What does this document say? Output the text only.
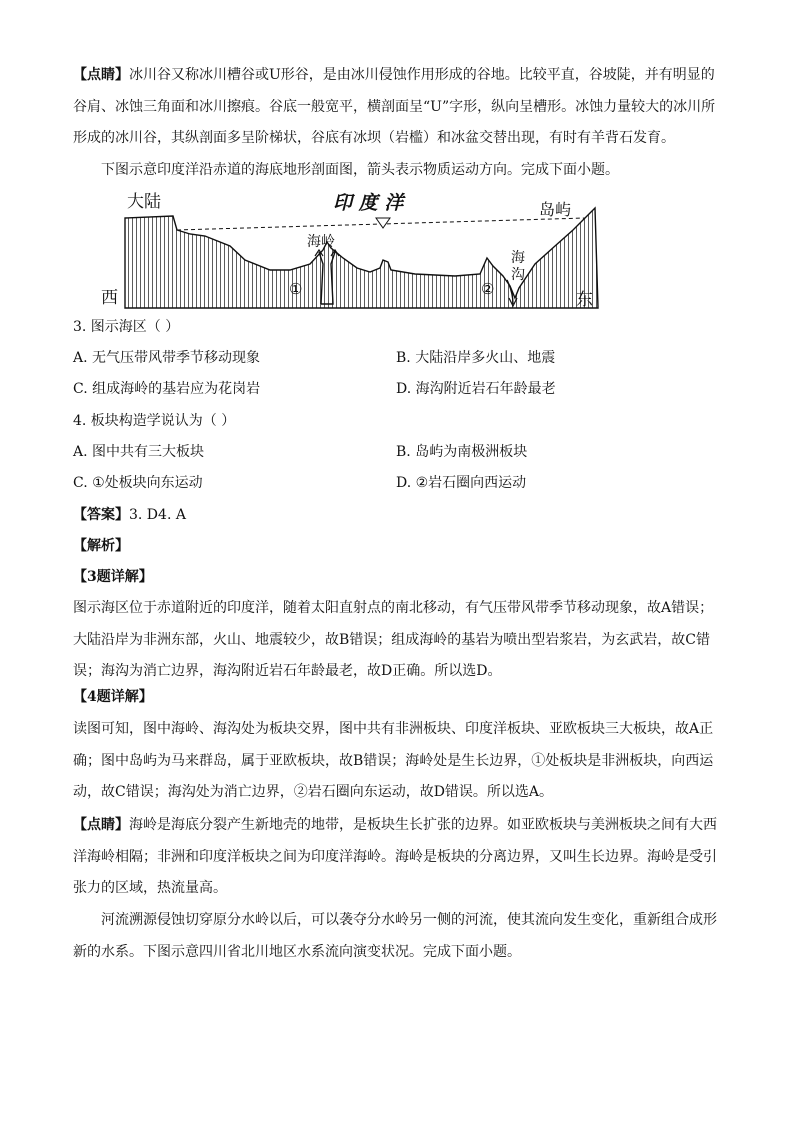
【点睛】冰川谷又称冰川槽谷或U形谷，是由冰川侵蚀作用形成的谷地。比较平直，谷坡陡，并有明显的谷肩、冰蚀三角面和冰川擦痕。谷底一般宽平，横剖面呈“U”字形，纵向呈槽形。冰蚀力量较大的冰川所形成的冰川谷，其纵剖面多呈阶梯状，谷底有冰坝（岩槛）和冰盆交替出现，有时有羊背石发育。

下图示意印度洋沿赤道的海底地形剖面图，箭头表示物质运动方向。完成下面小题。

大陆	印 度 洋	岛屿
海岭
海
沟
①	②
西	东

3. 图示海区（ ）

A. 无气压带风带季节移动现象	B. 大陆沿岸多火山、地震

C. 组成海岭的基岩应为花岗岩	D. 海沟附近岩石年龄最老

4. 板块构造学说认为（ ）

A. 图中共有三大板块	B. 岛屿为南极洲板块

C. ①处板块向东运动	D. ②岩石圈向西运动

【答案】3. D4. A

【解析】

【3题详解】

图示海区位于赤道附近的印度洋，随着太阳直射点的南北移动，有气压带风带季节移动现象，故A错误；大陆沿岸为非洲东部，火山、地震较少，故B错误；组成海岭的基岩为喷出型岩浆岩，为玄武岩，故C错误；海沟为消亡边界，海沟附近岩石年龄最老，故D正确。所以选D。

【4题详解】

读图可知，图中海岭、海沟处为板块交界，图中共有非洲板块、印度洋板块、亚欧板块三大板块，故A正确；图中岛屿为马来群岛，属于亚欧板块，故B错误；海岭处是生长边界，①处板块是非洲板块，向西运动，故C错误；海沟处为消亡边界，②岩石圈向东运动，故D错误。所以选A。

【点睛】海岭是海底分裂产生新地壳的地带，是板块生长扩张的边界。如亚欧板块与美洲板块之间有大西洋海岭相隔；非洲和印度洋板块之间为印度洋海岭。海岭是板块的分离边界，又叫生长边界。海岭是受引张力的区域，热流量高。

河流溯源侵蚀切穿原分水岭以后，可以袭夺分水岭另一侧的河流，使其流向发生变化，重新组合成形新的水系。下图示意四川省北川地区水系流向演变状况。完成下面小题。
